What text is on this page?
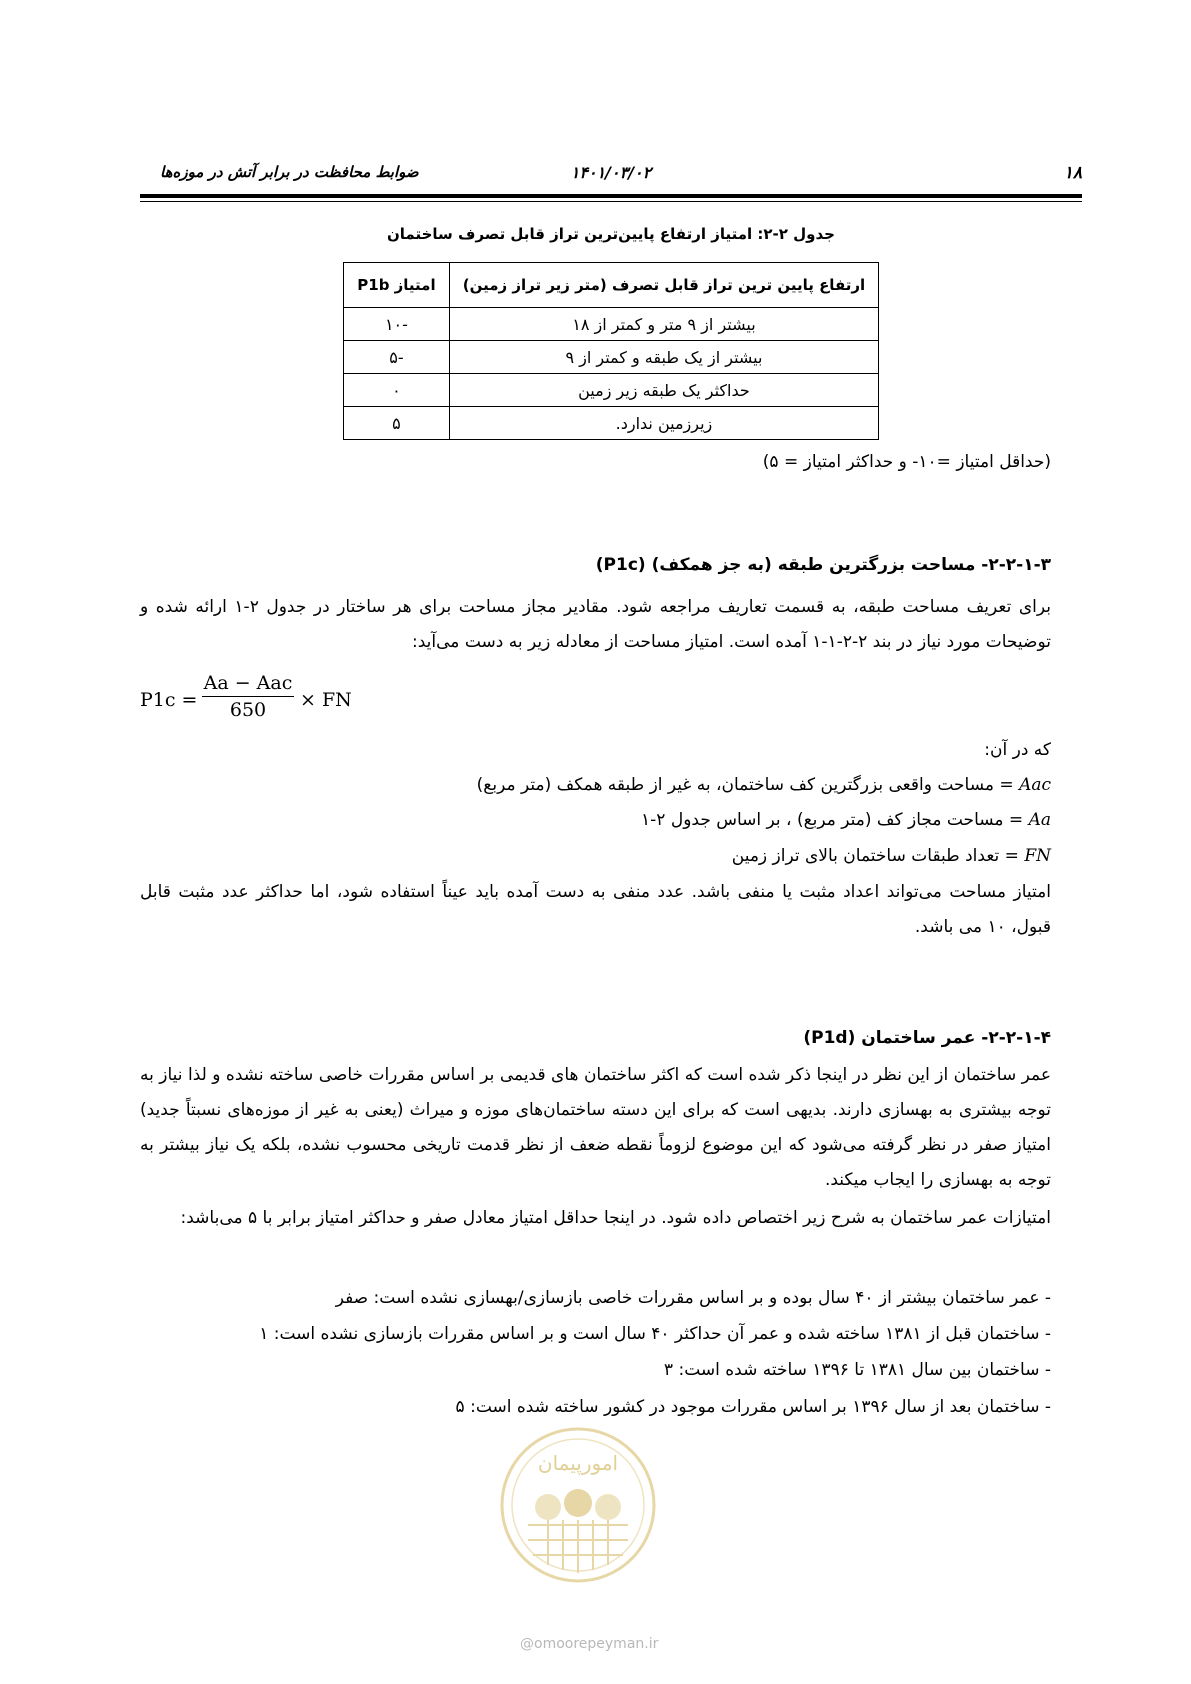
۱۸
۱۴۰۱/۰۳/۰۲
ضوابط محافظت در برابر آتش در موزه‌ها
جدول ۲-۲: امتیاز ارتفاع پایین‌ترین تراز قابل تصرف ساختمان
ارتفاع پایین ترین تراز قابل تصرف (متر زیر تراز زمین)	امتیاز P1b
بیشتر از ۹ متر و کمتر از ۱۸	-۱۰
بیشتر از یک طبقه و کمتر از ۹	-۵
حداکثر یک طبقه زیر زمین	۰
زیرزمین ندارد.	۵
(حداقل امتیاز =۱۰- و حداکثر امتیاز = ۵)
۲-۲-۱-۳- مساحت بزرگترین طبقه (به جز همکف) (P1c)
برای تعریف مساحت طبقه، به قسمت تعاریف مراجعه شود. مقادیر مجاز مساحت برای هر ساختار در جدول ۲-۱ ارائه شده و توضیحات مورد نیاز در بند ۲-۲-۱-۱ آمده است. امتیاز مساحت از معادله زیر به دست می‌آید:
P1c =
Aa − Aac
650	× FN
که در آن:
Aac = مساحت واقعی بزرگترین کف ساختمان، به غیر از طبقه همکف (متر مربع)
Aa = مساحت مجاز کف (متر مربع) ، بر اساس جدول ۲-۱
FN = تعداد طبقات ساختمان بالای تراز زمین
امتیاز مساحت می‌تواند اعداد مثبت یا منفی باشد. عدد منفی به دست آمده باید عیناً استفاده شود، اما حداکثر عدد مثبت قابل قبول، ۱۰ می باشد.
۲-۲-۱-۴- عمر ساختمان (P1d)
عمر ساختمان از این نظر در اینجا ذکر شده است که اکثر ساختمان های قدیمی بر اساس مقررات خاصی ساخته نشده و لذا نیاز به توجه بیشتری به بهسازی دارند. بدیهی است که برای این دسته ساختمان‌های موزه و میراث (یعنی به غیر از موزه‌های نسبتاً جدید) امتیاز صفر در نظر گرفته می‌شود که این موضوع لزوماً نقطه ضعف از نظر قدمت تاریخی محسوب نشده، بلکه یک نیاز بیشتر به توجه به بهسازی را ایجاب میکند.
امتیازات عمر ساختمان به شرح زیر اختصاص داده شود. در اینجا حداقل امتیاز معادل صفر و حداکثر امتیاز برابر با ۵ می‌باشد:
- عمر ساختمان بیشتر از ۴۰ سال بوده و بر اساس مقررات خاصی بازسازی/بهسازی نشده است: صفر
- ساختمان قبل از ۱۳۸۱ ساخته شده و عمر آن حداکثر ۴۰ سال است و بر اساس مقررات بازسازی نشده است: ۱
- ساختمان بین سال ۱۳۸۱ تا ۱۳۹۶ ساخته شده است: ۳
- ساختمان بعد از سال ۱۳۹۶ بر اساس مقررات موجود در کشور ساخته شده است: ۵
امورپیمان
@omoorepeyman.ir
